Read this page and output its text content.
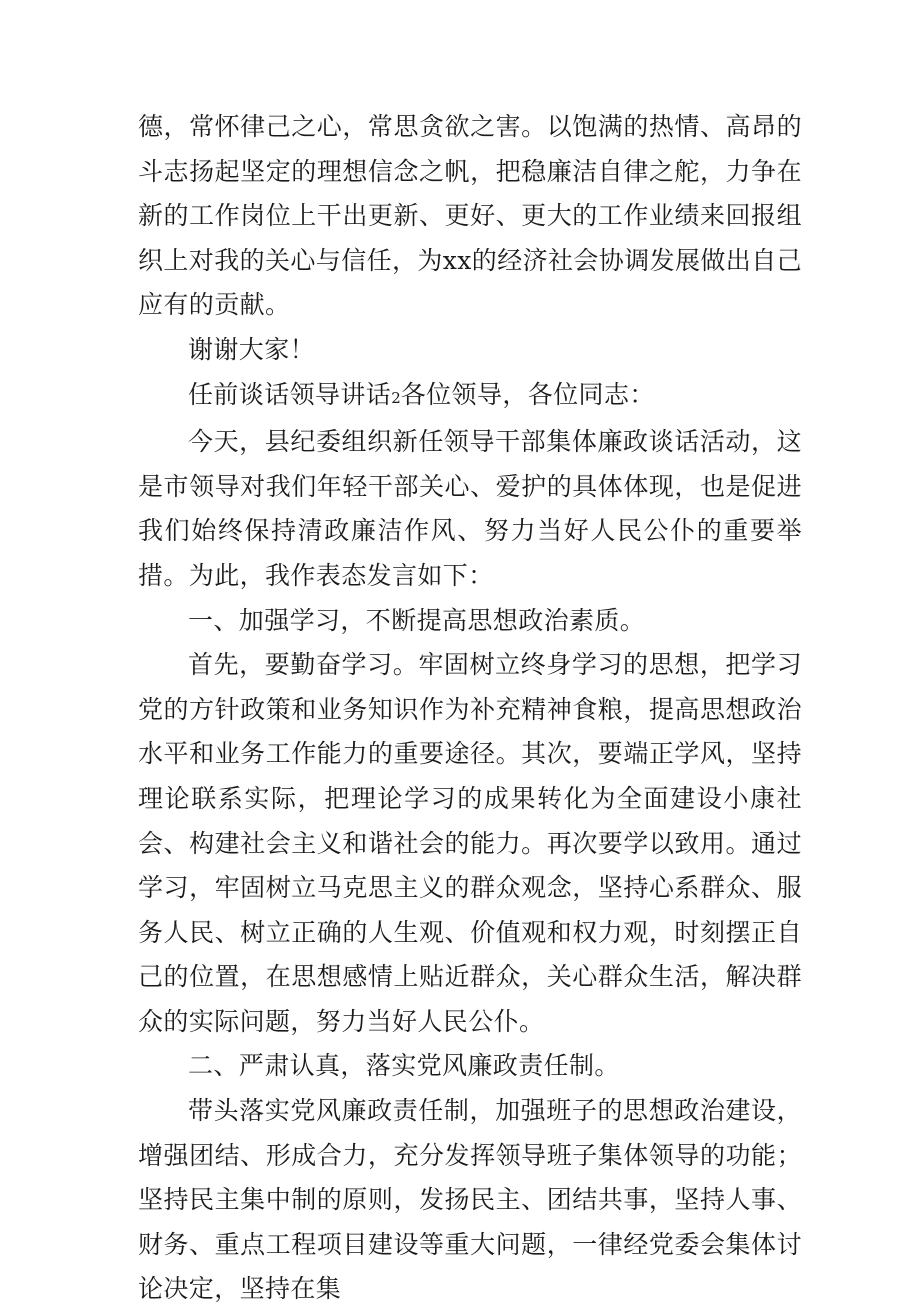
德，常怀律己之心，常思贪欲之害。以饱满的热情、高昂的斗志扬起坚定的理想信念之帆，把稳廉洁自律之舵，力争在新的工作岗位上干出更新、更好、更大的工作业绩来回报组织上对我的关心与信任，为xx的经济社会协调发展做出自己应有的贡献。

谢谢大家！

任前谈话领导讲话2各位领导，各位同志：

今天，县纪委组织新任领导干部集体廉政谈话活动，这是市领导对我们年轻干部关心、爱护的具体体现，也是促进我们始终保持清政廉洁作风、努力当好人民公仆的重要举措。为此，我作表态发言如下：

一、加强学习，不断提高思想政治素质。

首先，要勤奋学习。牢固树立终身学习的思想，把学习党的方针政策和业务知识作为补充精神食粮，提高思想政治水平和业务工作能力的重要途径。其次，要端正学风，坚持理论联系实际，把理论学习的成果转化为全面建设小康社会、构建社会主义和谐社会的能力。再次要学以致用。通过学习，牢固树立马克思主义的群众观念，坚持心系群众、服务人民、树立正确的人生观、价值观和权力观，时刻摆正自己的位置，在思想感情上贴近群众，关心群众生活，解决群众的实际问题，努力当好人民公仆。

二、严肃认真，落实党风廉政责任制。

带头落实党风廉政责任制，加强班子的思想政治建设，增强团结、形成合力，充分发挥领导班子集体领导的功能；坚持民主集中制的原则，发扬民主、团结共事，坚持人事、财务、重点工程项目建设等重大问题，一律经党委会集体讨论决定，坚持在集
